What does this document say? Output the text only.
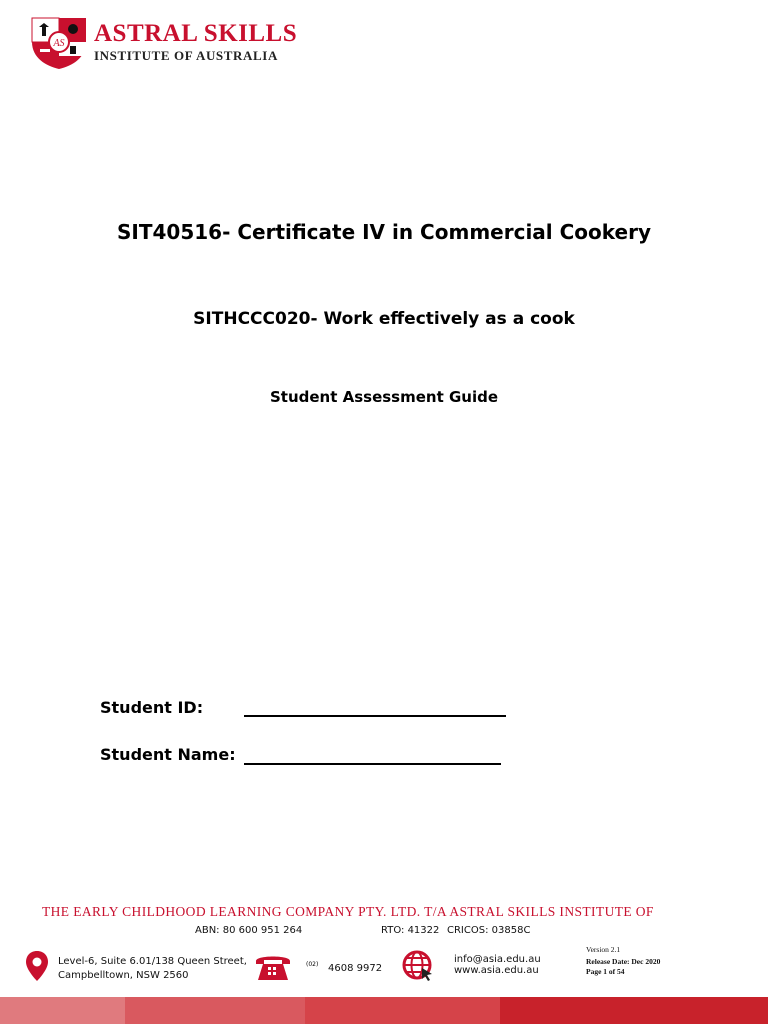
AS ASTRAL SKILLS
INSTITUTE OF AUSTRALIA
SIT40516- Certificate IV in Commercial Cookery
SITHCCC020- Work effectively as a cook
Student Assessment Guide
Student ID:
Student Name:
THE EARLY CHILDHOOD LEARNING COMPANY PTY. LTD. T/A ASTRAL SKILLS INSTITUTE OF
ABN: 80 600 951 264	RTO: 41322 CRICOS: 03858C
Level-6, Suite 6.01/138 Queen Street,
Campbelltown, NSW 2560
(02) 4608 9972
info@asia.edu.au
www.asia.edu.au
Version 2.1
Release Date: Dec 2020
Page 1 of 54
